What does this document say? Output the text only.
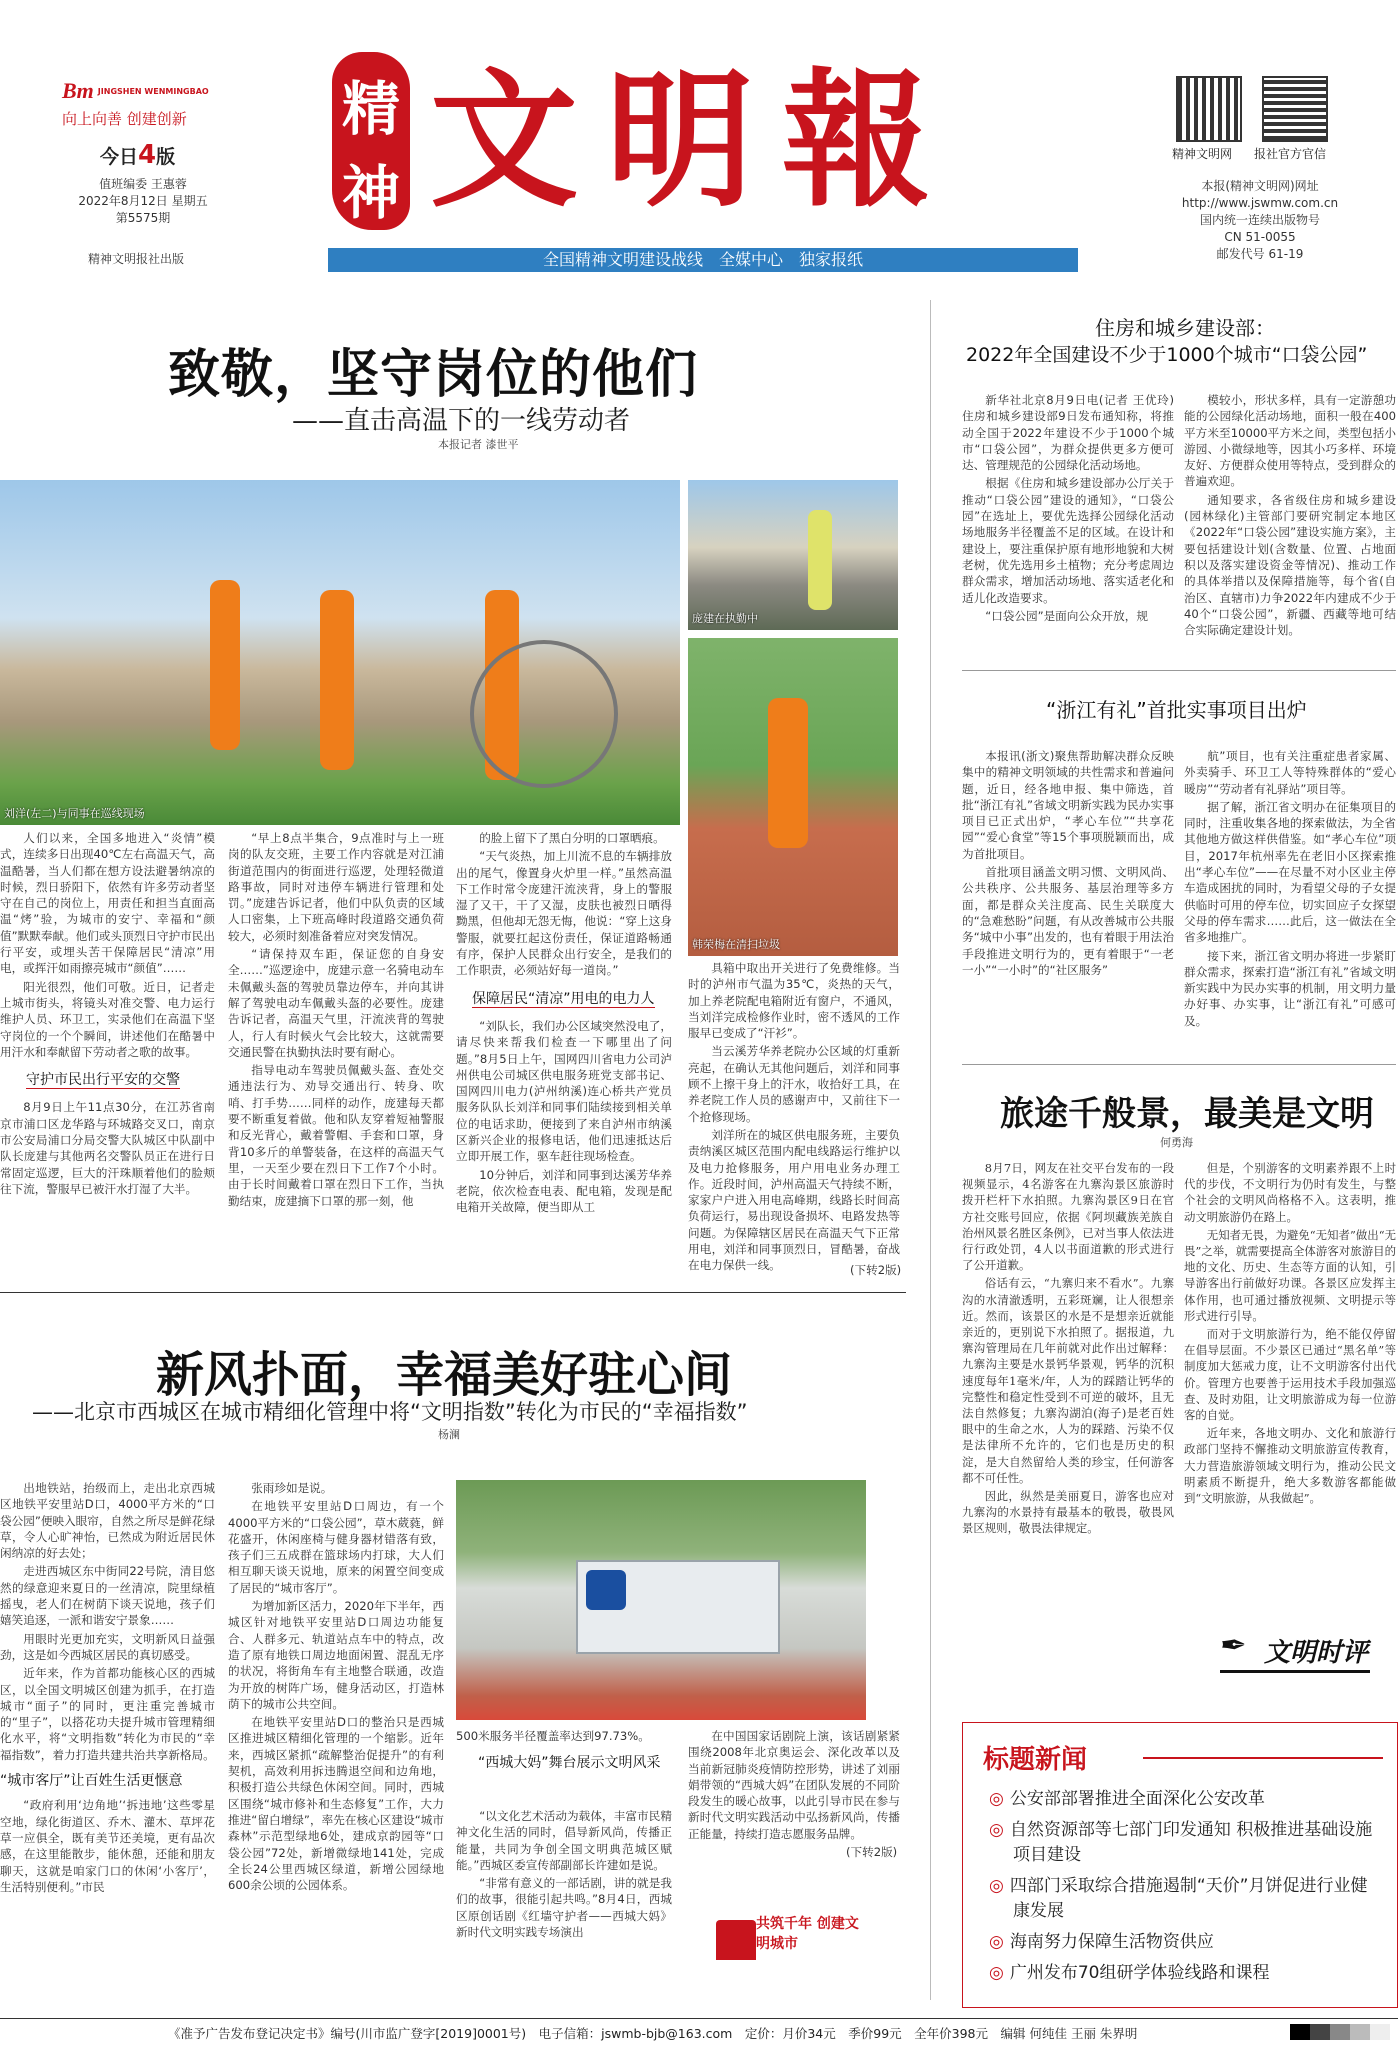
Bm JINGSHEN WENMINGBAO
向上向善 创建创新
今日4版
值班编委 王惠蓉
2022年8月12日 星期五
第5575期
精神文明报社出版
精
神 文 明 報
全国精神文明建设战线　全媒中心　独家报纸
精神文明网 报社官方官信
本报(精神文明网)网址
http://www.jswmw.com.cn
国内统一连续出版物号
CN 51-0055
邮发代号 61-19
致敬，坚守岗位的他们
——直击高温下的一线劳动者
本报记者 漆世平
刘洋(左二)与同事在巡线现场
庞建在执勤中
韩荣梅在清扫垃圾

人们以来，全国多地进入“炎情”模式，连续多日出现40℃左右高温天气，高温酷暑，当人们都在想方设法避暑纳凉的时候，烈日骄阳下，依然有许多劳动者坚守在自己的岗位上，用责任和担当直面高温“烤”验，为城市的安宁、幸福和“颜值”默默奉献。他们或头顶烈日守护市民出行平安，或埋头苦干保障居民“清凉”用电，或挥汗如雨擦亮城市“颜值”……

阳光很烈，他们可敬。近日，记者走上城市街头，将镜头对准交警、电力运行维护人员、环卫工，实录他们在高温下坚守岗位的一个个瞬间，讲述他们在酷暑中用汗水和奉献留下劳动者之歌的故事。

守护市民出行平安的交警

8月9日上午11点30分，在江苏省南京市浦口区龙华路与环城路交叉口，南京市公安局浦口分局交警大队城区中队副中队长庞建与其他两名交警队员正在进行日常固定巡逻，巨大的汗珠顺着他们的脸颊往下流，警服早已被汗水打湿了大半。

“早上8点半集合，9点准时与上一班岗的队友交班，主要工作内容就是对江浦街道范围内的街面进行巡逻，处理轻微道路事故，同时对违停车辆进行管理和处罚。”庞建告诉记者，他们中队负责的区域人口密集，上下班高峰时段道路交通负荷较大，必须时刻准备着应对突发情况。

“请保持双车距，保证您的自身安全……”巡逻途中，庞建示意一名骑电动车未佩戴头盔的驾驶员靠边停车，并向其讲解了驾驶电动车佩戴头盔的必要性。庞建告诉记者，高温天气里，汗流浃背的驾驶人，行人有时候火气会比较大，这就需要交通民警在执勤执法时要有耐心。

指导电动车驾驶员佩戴头盔、查处交通违法行为、劝导交通出行、转身、吹哨、打手势……同样的动作，庞建每天都要不断重复着做。他和队友穿着短袖警服和反光背心，戴着警帽、手套和口罩，身背10多斤的单警装备，在这样的高温天气里，一天至少要在烈日下工作7个小时。由于长时间戴着口罩在烈日下工作，当执勤结束，庞建摘下口罩的那一刻，他

的脸上留下了黑白分明的口罩晒痕。

“天气炎热，加上川流不息的车辆排放出的尾气，像置身火炉里一样。”虽然高温下工作时常令庞建汗流浃背，身上的警服湿了又干，干了又湿，皮肤也被烈日晒得黝黑，但他却无怨无悔，他说：“穿上这身警服，就要扛起这份责任，保证道路畅通有序，保护人民群众出行安全，是我们的工作职责，必须站好每一道岗。”

保障居民“清凉”用电的电力人

“刘队长，我们办公区域突然没电了，请尽快来帮我们检查一下哪里出了问题。”8月5日上午，国网四川省电力公司泸州供电公司城区供电服务班党支部书记、国网四川电力(泸州纳溪)连心桥共产党员服务队队长刘洋和同事们陆续接到相关单位的电话求助，便接到了来自泸州市纳溪区新兴企业的报修电话，他们迅速抵达后立即开展工作，驱车赶往现场检查。

10分钟后，刘洋和同事到达溪芳华养老院，依次检查电表、配电箱，发现是配电箱开关故障，便当即从工

具箱中取出开关进行了免费维修。当时的泸州市气温为35℃，炎热的天气，加上养老院配电箱附近有窗户，不通风，当刘洋完成检修作业时，密不透风的工作服早已变成了“汗衫”。

当云溪芳华养老院办公区域的灯重新亮起，在确认无其他问题后，刘洋和同事顾不上擦干身上的汗水，收拾好工具，在养老院工作人员的感谢声中，又前往下一个抢修现场。

刘洋所在的城区供电服务班，主要负责纳溪区城区范围内配电线路运行维护以及电力抢修服务，用户用电业务办理工作。近段时间，泸州高温天气持续不断，家家户户进入用电高峰期，线路长时间高负荷运行，易出现设备损坏、电路发热等问题。为保障辖区居民在高温天气下正常用电，刘洋和同事顶烈日，冒酷暑，奋战在电力保供一线。	(下转2版)
住房和城乡建设部：
2022年全国建设不少于1000个城市“口袋公园”

新华社北京8月9日电(记者 王优玲)住房和城乡建设部9日发布通知称，将推动全国于2022年建设不少于1000个城市“口袋公园”，为群众提供更多方便可达、管理规范的公园绿化活动场地。

根据《住房和城乡建设部办公厅关于推动“口袋公园”建设的通知》，“口袋公园”在选址上，要优先选择公园绿化活动场地服务半径覆盖不足的区域。在设计和建设上，要注重保护原有地形地貌和大树老树，优先选用乡土植物；充分考虑周边群众需求，增加活动场地、落实适老化和适儿化改造要求。

“口袋公园”是面向公众开放，规

模较小，形状多样，具有一定游憩功能的公园绿化活动场地，面积一般在400平方米至10000平方米之间，类型包括小游园、小微绿地等，因其小巧多样、环境友好、方便群众使用等特点，受到群众的普遍欢迎。

通知要求，各省级住房和城乡建设(园林绿化)主管部门要研究制定本地区《2022年“口袋公园”建设实施方案》，主要包括建设计划(含数量、位置、占地面积以及落实建设资金等情况)、推动工作的具体举措以及保障措施等，每个省(自治区、直辖市)力争2022年内建成不少于40个“口袋公园”，新疆、西藏等地可结合实际确定建设计划。

“浙江有礼”首批实事项目出炉

本报讯(浙文)聚焦帮助解决群众反映集中的精神文明领域的共性需求和普遍问题，近日，经各地申报、集中筛选，首批“浙江有礼”省域文明新实践为民办实事项目已正式出炉，“孝心车位”“共享花园”“爱心食堂”等15个事项脱颖而出，成为首批项目。

首批项目涵盖文明习惯、文明风尚、公共秩序、公共服务、基层治理等多方面，都是群众关注度高、民生关联度大的“急难愁盼”问题，有从改善城市公共服务“城中小事”出发的，也有着眼于用法治手段推进文明行为的，更有着眼于“一老一小”“一小时”的“社区服务”

航”项目，也有关注重症患者家属、外卖骑手、环卫工人等特殊群体的“爱心暖房”“劳动者有礼驿站”项目等。

据了解，浙江省文明办在征集项目的同时，注重收集各地的探索做法，为全省其他地方做这样供借鉴。如“孝心车位”项目，2017年杭州率先在老旧小区探索推出“孝心车位”——在尽量不对小区业主停车造成困扰的同时，为看望父母的子女提供临时可用的停车位，切实回应子女探望父母的停车需求……此后，这一做法在全省多地推广。

接下来，浙江省文明办将进一步紧盯群众需求，探索打造“浙江有礼”省域文明新实践中为民办实事的机制，用文明力量办好事、办实事，让“浙江有礼”可感可及。

旅途千般景，最美是文明
何勇海

8月7日，网友在社交平台发布的一段视频显示，4名游客在九寨沟景区旅游时拨开栏杆下水拍照。九寨沟景区9日在官方社交账号回应，依据《阿坝藏族羌族自治州风景名胜区条例》，已对当事人依法进行行政处罚，4人以书面道歉的形式进行了公开道歉。

俗话有云，“九寨归来不看水”。九寨沟的水清澈透明，五彩斑斓，让人很想亲近。然而，该景区的水是不是想亲近就能亲近的，更别说下水拍照了。据报道，九寨沟管理局在几年前就对此作出过解释：九寨沟主要是水景钙华景观，钙华的沉积速度每年1毫米/年，人为的踩踏让钙华的完整性和稳定性受到不可逆的破坏，且无法自然修复；九寨沟湖泊(海子)是老百姓眼中的生命之水，人为的踩踏、污染不仅是法律所不允许的，它们也是历史的积淀，是大自然留给人类的珍宝，任何游客都不可任性。

因此，纵然是美丽夏日，游客也应对九寨沟的水景持有最基本的敬畏，敬畏风景区规则，敬畏法律规定。

但是，个别游客的文明素养跟不上时代的步伐，不文明行为仍时有发生，与整个社会的文明风尚格格不入。这表明，推动文明旅游仍在路上。

无知者无畏，为避免“无知者”做出“无畏”之举，就需要提高全体游客对旅游目的地的文化、历史、生态等方面的认知，引导游客出行前做好功课。各景区应发挥主体作用，也可通过播放视频、文明提示等形式进行引导。

而对于文明旅游行为，绝不能仅停留在倡导层面。不少景区已通过“黑名单”等制度加大惩戒力度，让不文明游客付出代价。管理方也要善于运用技术手段加强巡查、及时劝阻，让文明旅游成为每一位游客的自觉。

近年来，各地文明办、文化和旅游行政部门坚持不懈推动文明旅游宣传教育，大力营造旅游领域文明行为，推动公民文明素质不断提升，绝大多数游客都能做到“文明旅游，从我做起”。

✒ 文明时评
标题新闻
◎ 公安部部署推进全面深化公安改革
◎ 自然资源部等七部门印发通知 积极推进基础设施项目建设
◎ 四部门采取综合措施遏制“天价”月饼促进行业健康发展
◎ 海南努力保障生活物资供应
◎ 广州发布70组研学体验线路和课程
新风扑面，幸福美好驻心间
——北京市西城区在城市精细化管理中将“文明指数”转化为市民的“幸福指数”
杨澜

出地铁站，抬级而上，走出北京西城区地铁平安里站D口，4000平方米的“口袋公园”便映入眼帘，自然之所尽是鲜花绿草，令人心旷神怡，已然成为附近居民休闲纳凉的好去处；

走进西城区东中街同22号院，清目悠然的绿意迎来夏日的一丝清凉，院里绿植摇曳，老人们在树荫下谈天说地，孩子们嬉笑追逐，一派和谐安宁景象……

用眼时光更加充实，文明新风日益强劲，这是如今西城区居民的真切感受。

近年来，作为首都功能核心区的西城区，以全国文明城区创建为抓手，在打造城市“面子”的同时，更注重完善城市的“里子”，以搭花功夫提升城市管理精细化水平，将“文明指数”转化为市民的“幸福指数”，着力打造共建共治共享新格局。

“城市客厅”让百姓生活更惬意

“政府利用‘边角地’‘拆违地’这些零星空地，绿化街道区、乔木、灌木、草坪花草一应俱全，既有美节还美境，更有品次感，在这里能散步，能休憩，还能和朋友聊天，这就是咱家门口的休闲‘小客厅’，生活特别便利。”市民

张雨珍如是说。

在地铁平安里站D口周边，有一个4000平方米的“口袋公园”，草木葳蕤，鲜花盛开，休闲座椅与健身器材错落有致，孩子们三五成群在篮球场内打球，大人们相互聊天谈天说地，原来的闲置空间变成了居民的“城市客厅”。

为增加新区活力，2020年下半年，西城区针对地铁平安里站D口周边功能复合、人群多元、轨道站点车中的特点，改造了原有地铁口周边地面闲置、混乱无序的状况，将街角车有主地整合联通，改造为开放的树阵广场，健身活动区，打造林荫下的城市公共空间。

在地铁平安里站D口的整治只是西城区推进城区精细化管理的一个缩影。近年来，西城区紧抓“疏解整治促提升”的有利契机，高效利用拆违腾退空间和边角地，积极打造公共绿色休闲空间。同时，西城区围绕“城市修补和生态修复”工作，大力推进“留白增绿”，率先在核心区建设“城市森林”示范型绿地6处，建成京韵园等“口袋公园”72处，新增微绿地141处，完成全长24公里西城区绿道，新增公园绿地600余公顷的公园体系。

500米服务半径覆盖率达到97.73%。
“西城大妈”舞台展示文明风采

“以文化艺术活动为载体，丰富市民精神文化生活的同时，倡导新风尚，传播正能量，共同为争创全国文明典范城区赋能。”西城区委宣传部副部长许建如是说。

“非常有意义的一部话剧，讲的就是我们的故事，很能引起共鸣。”8月4日，西城区原创话剧《红墙守护者——西城大妈》新时代文明实践专场演出

在中国国家话剧院上演，该话剧紧紧围绕2008年北京奥运会、深化改革以及当前新冠肺炎疫情防控形势，讲述了刘丽娟带领的“西城大妈”在团队发展的不同阶段发生的暖心故事，以此引导市民在参与新时代文明实践活动中弘扬新风尚，传播正能量，持续打造志愿服务品牌。

(下转2版)
共筑千年 创建文明城市
《准予广告发布登记决定书》编号(川市监广登字[2019]0001号)　电子信箱：jswmb-bjb@163.com　定价：月价34元　季价99元　全年价398元　编辑 何纯佳 王丽 朱界明
